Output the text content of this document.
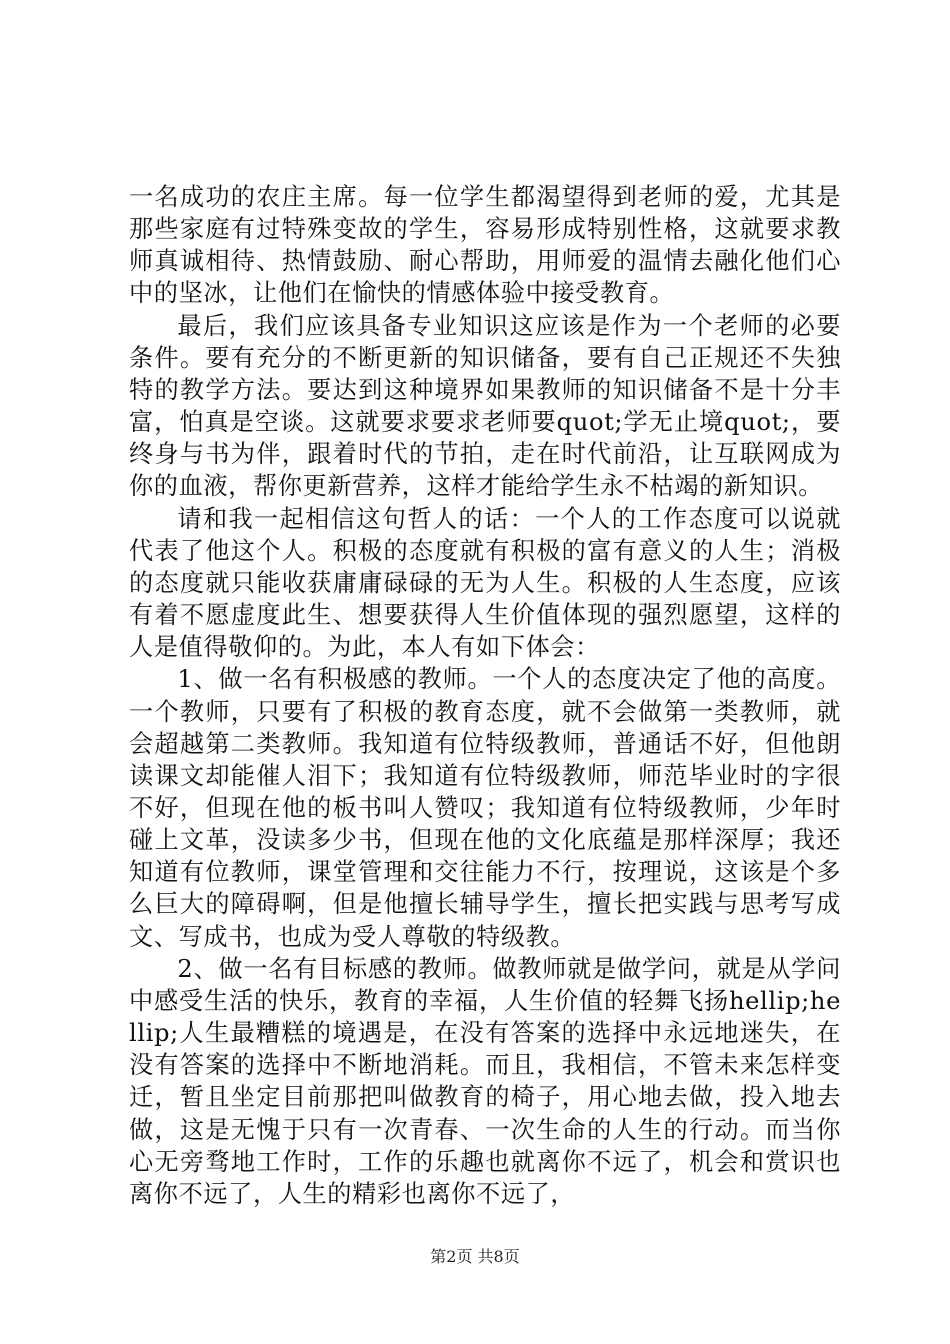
一名成功的农庄主席。每一位学生都渴望得到老师的爱，尤其是那些家庭有过特殊变故的学生，容易形成特别性格，这就要求教师真诚相待、热情鼓励、耐心帮助，用师爱的温情去融化他们心中的坚冰，让他们在愉快的情感体验中接受教育。

最后，我们应该具备专业知识这应该是作为一个老师的必要条件。要有充分的不断更新的知识储备，要有自己正规还不失独特的教学方法。要达到这种境界如果教师的知识储备不是十分丰富，怕真是空谈。这就要求要求老师要quot;学无止境quot;，要终身与书为伴，跟着时代的节拍，走在时代前沿，让互联网成为你的血液，帮你更新营养，这样才能给学生永不枯竭的新知识。

请和我一起相信这句哲人的话：一个人的工作态度可以说就代表了他这个人。积极的态度就有积极的富有意义的人生；消极的态度就只能收获庸庸碌碌的无为人生。积极的人生态度，应该有着不愿虚度此生、想要获得人生价值体现的强烈愿望，这样的人是值得敬仰的。为此，本人有如下体会：

1、做一名有积极感的教师。一个人的态度决定了他的高度。一个教师，只要有了积极的教育态度，就不会做第一类教师，就会超越第二类教师。我知道有位特级教师，普通话不好，但他朗读课文却能催人泪下；我知道有位特级教师，师范毕业时的字很不好，但现在他的板书叫人赞叹；我知道有位特级教师，少年时碰上文革，没读多少书，但现在他的文化底蕴是那样深厚；我还知道有位教师，课堂管理和交往能力不行，按理说，这该是个多么巨大的障碍啊，但是他擅长辅导学生，擅长把实践与思考写成文、写成书，也成为受人尊敬的特级教。

2、做一名有目标感的教师。做教师就是做学问，就是从学问中感受生活的快乐，教育的幸福，人生价值的轻舞飞扬hellip;hellip;人生最糟糕的境遇是，在没有答案的选择中永远地迷失，在没有答案的选择中不断地消耗。而且，我相信，不管未来怎样变迁，暂且坐定目前那把叫做教育的椅子，用心地去做，投入地去做，这是无愧于只有一次青春、一次生命的人生的行动。而当你心无旁骛地工作时，工作的乐趣也就离你不远了，机会和赏识也离你不远了，人生的精彩也离你不远了，

第2页 共8页
